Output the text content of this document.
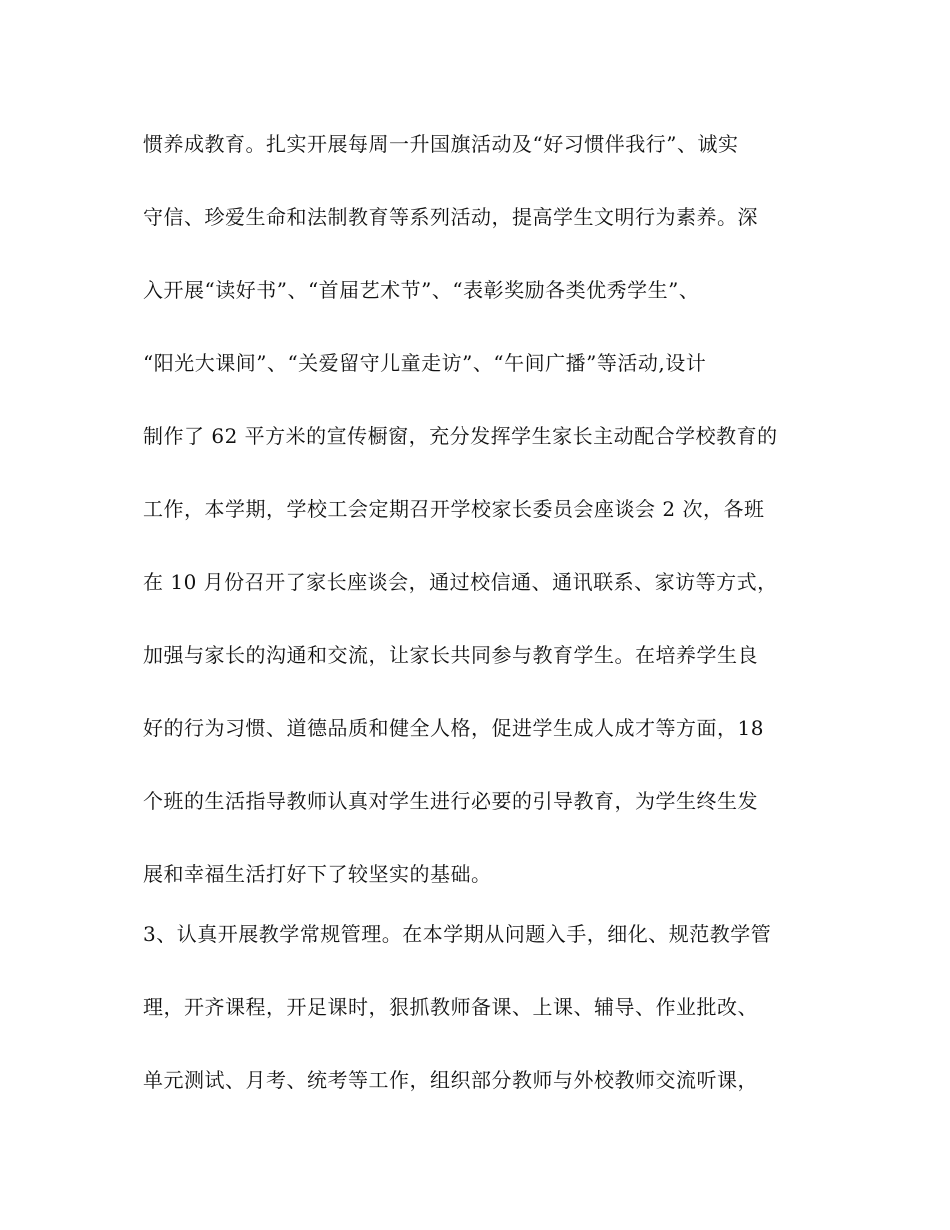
惯养成教育。扎实开展每周一升国旗活动及“好习惯伴我行”、诚实
守信、珍爱生命和法制教育等系列活动，提高学生文明行为素养。深
入开展“读好书”、“首届艺术节”、“表彰奖励各类优秀学生”、
“阳光大课间”、“关爱留守儿童走访”、“午间广播”等活动,设计
制作了 62 平方米的宣传橱窗，充分发挥学生家长主动配合学校教育的
工作，本学期，学校工会定期召开学校家长委员会座谈会 2 次，各班
在 10 月份召开了家长座谈会，通过校信通、通讯联系、家访等方式，
加强与家长的沟通和交流，让家长共同参与教育学生。在培养学生良
好的行为习惯、道德品质和健全人格，促进学生成人成才等方面，18
个班的生活指导教师认真对学生进行必要的引导教育，为学生终生发
展和幸福生活打好下了较坚实的基础。
3、认真开展教学常规管理。在本学期从问题入手，细化、规范教学管
理，开齐课程，开足课时，狠抓教师备课、上课、辅导、作业批改、
单元测试、月考、统考等工作，组织部分教师与外校教师交流听课，
